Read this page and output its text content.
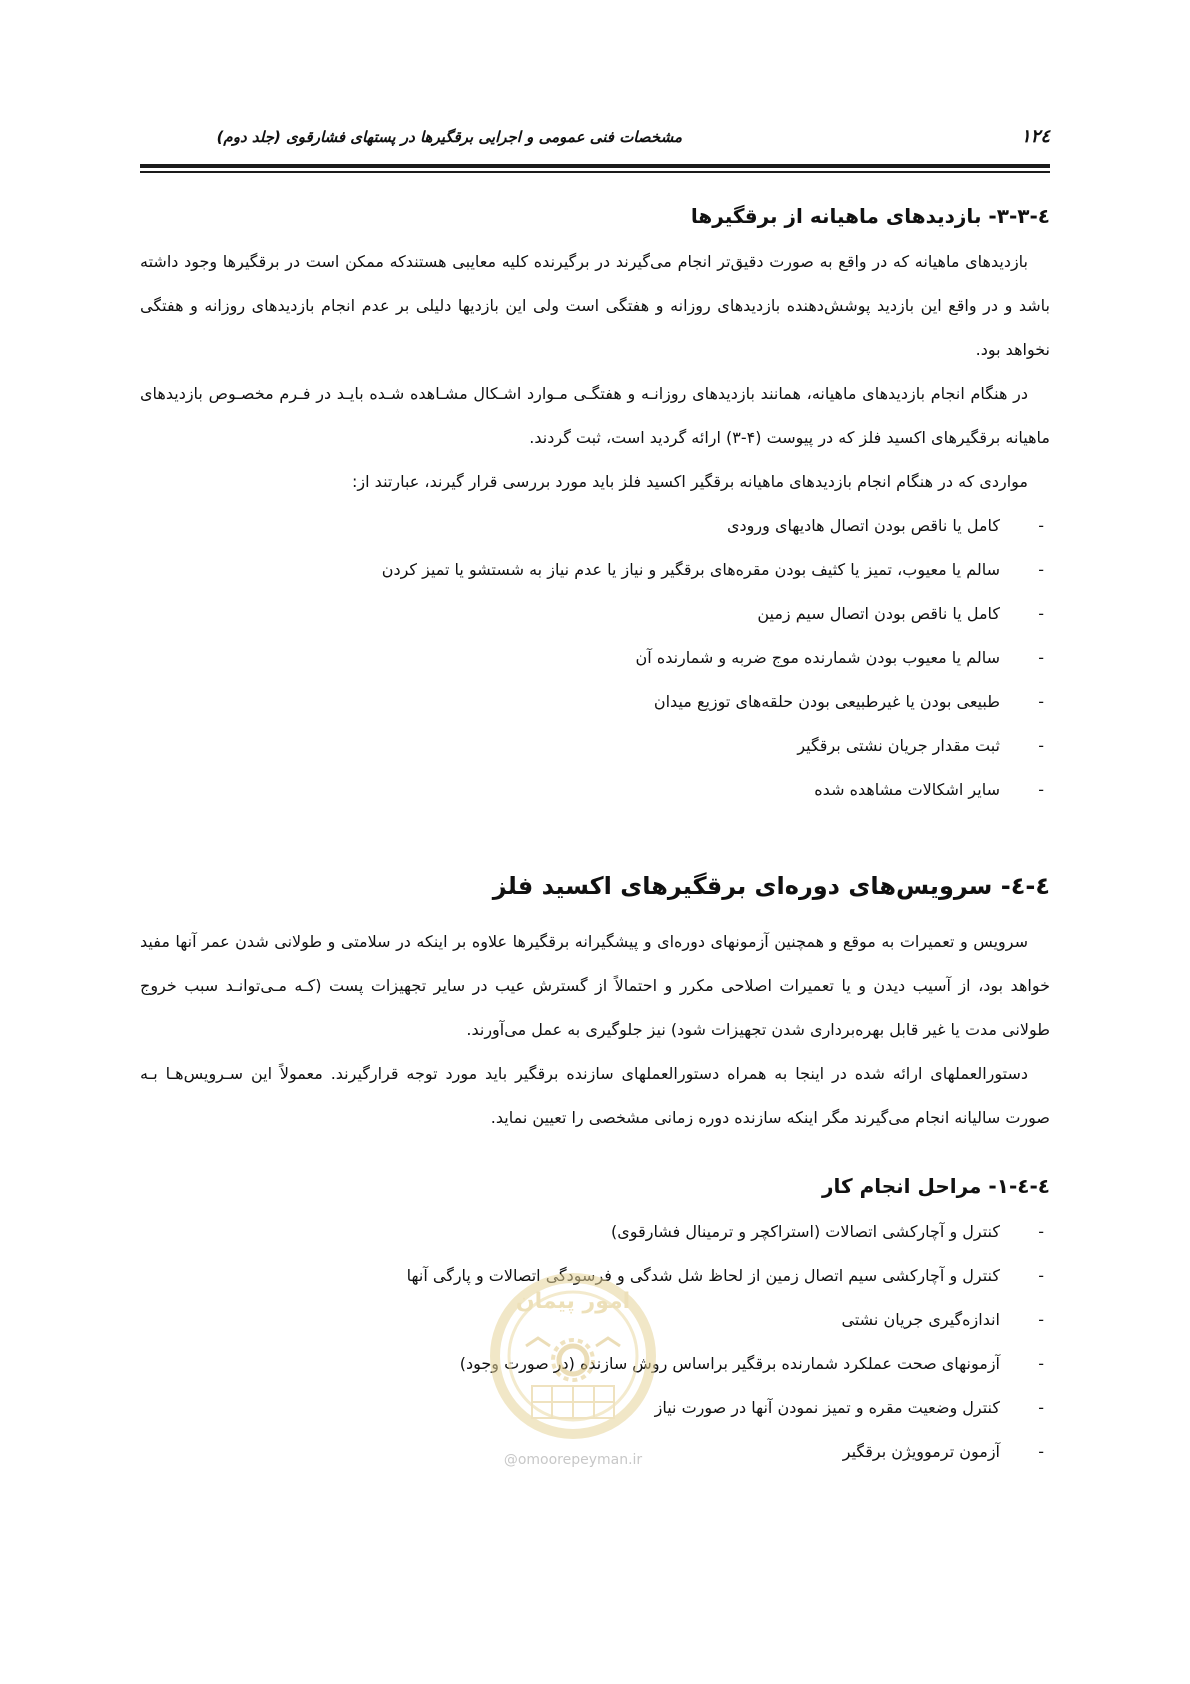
۱۲٤
مشخصات فنی عمومی و اجرایی برقگیرها در پستهای فشارقوی (جلد دوم)
٤-٣-٣- بازدیدهای ماهیانه از برقگیرها

بازدیدهای ماهیانه که در واقع به صورت دقیق‌تر انجام می‌گیرند در برگیرنده کلیه معایبی هستندکه ممکن است در برقگیرها وجود داشته باشد و در واقع این بازدید پوشش‌دهنده بازدیدهای روزانه و هفتگی است ولی این بازدیها دلیلی بر عدم انجام بازدیدهای روزانه و هفتگی نخواهد بود.

در هنگام انجام بازدیدهای ماهیانه، همانند بازدیدهای روزانـه و هفتگـی مـوارد اشـکال مشـاهده شـده بایـد در فـرم مخصـوص بازدیدهای ماهیانه برقگیرهای اکسید فلز که در پیوست (۴-۳) ارائه گردید است، ثبت گردند.

مواردی که در هنگام انجام بازدیدهای ماهیانه برقگیر اکسید فلز باید مورد بررسی قرار گیرند، عبارتند از:

-
کامل یا ناقص بودن اتصال هادیهای ورودی
-
سالم یا معیوب، تمیز یا کثیف بودن مقره‌های برقگیر و نیاز یا عدم نیاز به شستشو یا تمیز کردن
-
کامل یا ناقص بودن اتصال سیم زمین
-
سالم یا معیوب بودن شمارنده موج ضربه و شمارنده آن
-
طبیعی بودن یا غیرطبیعی بودن حلقه‌های توزیع میدان
-
ثبت مقدار جریان نشتی برقگیر
-
سایر اشکالات مشاهده شده
٤-٤- سرویس‌های دوره‌ای برقگیرهای اکسید فلز

سرویس و تعمیرات به موقع و همچنین آزمونهای دوره‌ای و پیشگیرانه برقگیرها علاوه بر اینکه در سلامتی و طولانی شدن عمر آنها مفید خواهد بود، از آسیب دیدن و یا تعمیرات اصلاحی مکرر و احتمالاً از گسترش عیب در سایر تجهیزات پست (کـه مـی‌توانـد سبب خروج طولانی مدت یا غیر قابل بهره‌برداری شدن تجهیزات شود) نیز جلوگیری به عمل می‌آورند.

دستورالعملهای ارائه شده در اینجا به همراه دستورالعملهای سازنده برقگیر باید مورد توجه قرارگیرند. معمولاً این سـرویس‌هـا بـه صورت سالیانه انجام می‌گیرند مگر اینکه سازنده دوره زمانی مشخصی را تعیین نماید.

٤-٤-١- مراحل انجام کار
-
کنترل و آچارکشی اتصالات (استراکچر و ترمینال فشارقوی)
-
کنترل و آچارکشی سیم اتصال زمین از لحاظ شل شدگی و فرسودگی اتصالات و پارگی آنها
-
اندازه‌گیری جریان نشتی
-
آزمونهای صحت عملکرد شمارنده برقگیر براساس روش سازنده (در صورت وجود)
-
کنترل وضعیت مقره و تمیز نمودن آنها در صورت نیاز
-
آزمون ترموویژن برقگیر
امور پیمان
@omoorepeyman.ir
